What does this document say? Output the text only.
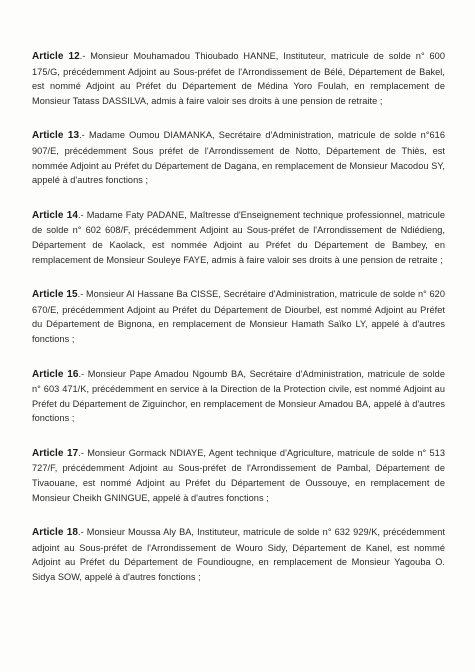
Article 12.- Monsieur Mouhamadou Thioubado HANNE, Instituteur, matricule de solde n° 600 175/G, précédemment Adjoint au Sous-préfet de l'Arrondissement de Bélé, Département de Bakel, est nommé Adjoint au Préfet du Département de Médina Yoro Foulah, en remplacement de Monsieur Tatass DASSILVA, admis à faire valoir ses droits à une pension de retraite ;

Article 13.- Madame Oumou DIAMANKA, Secrétaire d'Administration, matricule de solde n°616 907/E, précédemment Sous préfet de l'Arrondissement de Notto, Département de Thiès, est nommée Adjoint au Préfet du Département de Dagana, en remplacement de Monsieur Macodou SY, appelé à d'autres fonctions ;

Article 14.- Madame Faty PADANE, Maîtresse d'Enseignement technique professionnel, matricule de solde n° 602 608/F, précédemment Adjoint au Sous-préfet de l'Arrondissement de Ndiédieng, Département de Kaolack, est nommée Adjoint au Préfet du Département de Bambey, en remplacement de Monsieur Souleye FAYE, admis à faire valoir ses droits à une pension de retraite ;

Article 15.- Monsieur Al Hassane Ba CISSE, Secrétaire d'Administration, matricule de solde n° 620 670/E, précédemment Adjoint au Préfet du Département de Diourbel, est nommé Adjoint au Préfet du Département de Bignona, en remplacement de Monsieur Hamath Saïko LY, appelé à d'autres fonctions ;

Article 16.- Monsieur Pape Amadou Ngoumb BA, Secrétaire d'Administration, matricule de solde n° 603 471/K, précédemment en service à la Direction de la Protection civile, est nommé Adjoint au Préfet du Département de Ziguinchor, en remplacement de Monsieur Amadou BA, appelé à d'autres fonctions ;

Article 17.- Monsieur Gormack NDIAYE, Agent technique d'Agriculture, matricule de solde n° 513 727/F, précédemment Adjoint au Sous-préfet de l'Arrondissement de Pambal, Département de Tivaouane, est nommé Adjoint au Préfet du Département de Oussouye, en remplacement de Monsieur Cheikh GNINGUE, appelé à d'autres fonctions ;

Article 18.- Monsieur Moussa Aly BA, Instituteur, matricule de solde n° 632 929/K, précédemment adjoint au Sous-préfet de l'Arrondissement de Wouro Sidy, Département de Kanel, est nommé Adjoint au Préfet du Département de Foundiougne, en remplacement de Monsieur Yagouba O. Sidya SOW, appelé à d'autres fonctions ;
